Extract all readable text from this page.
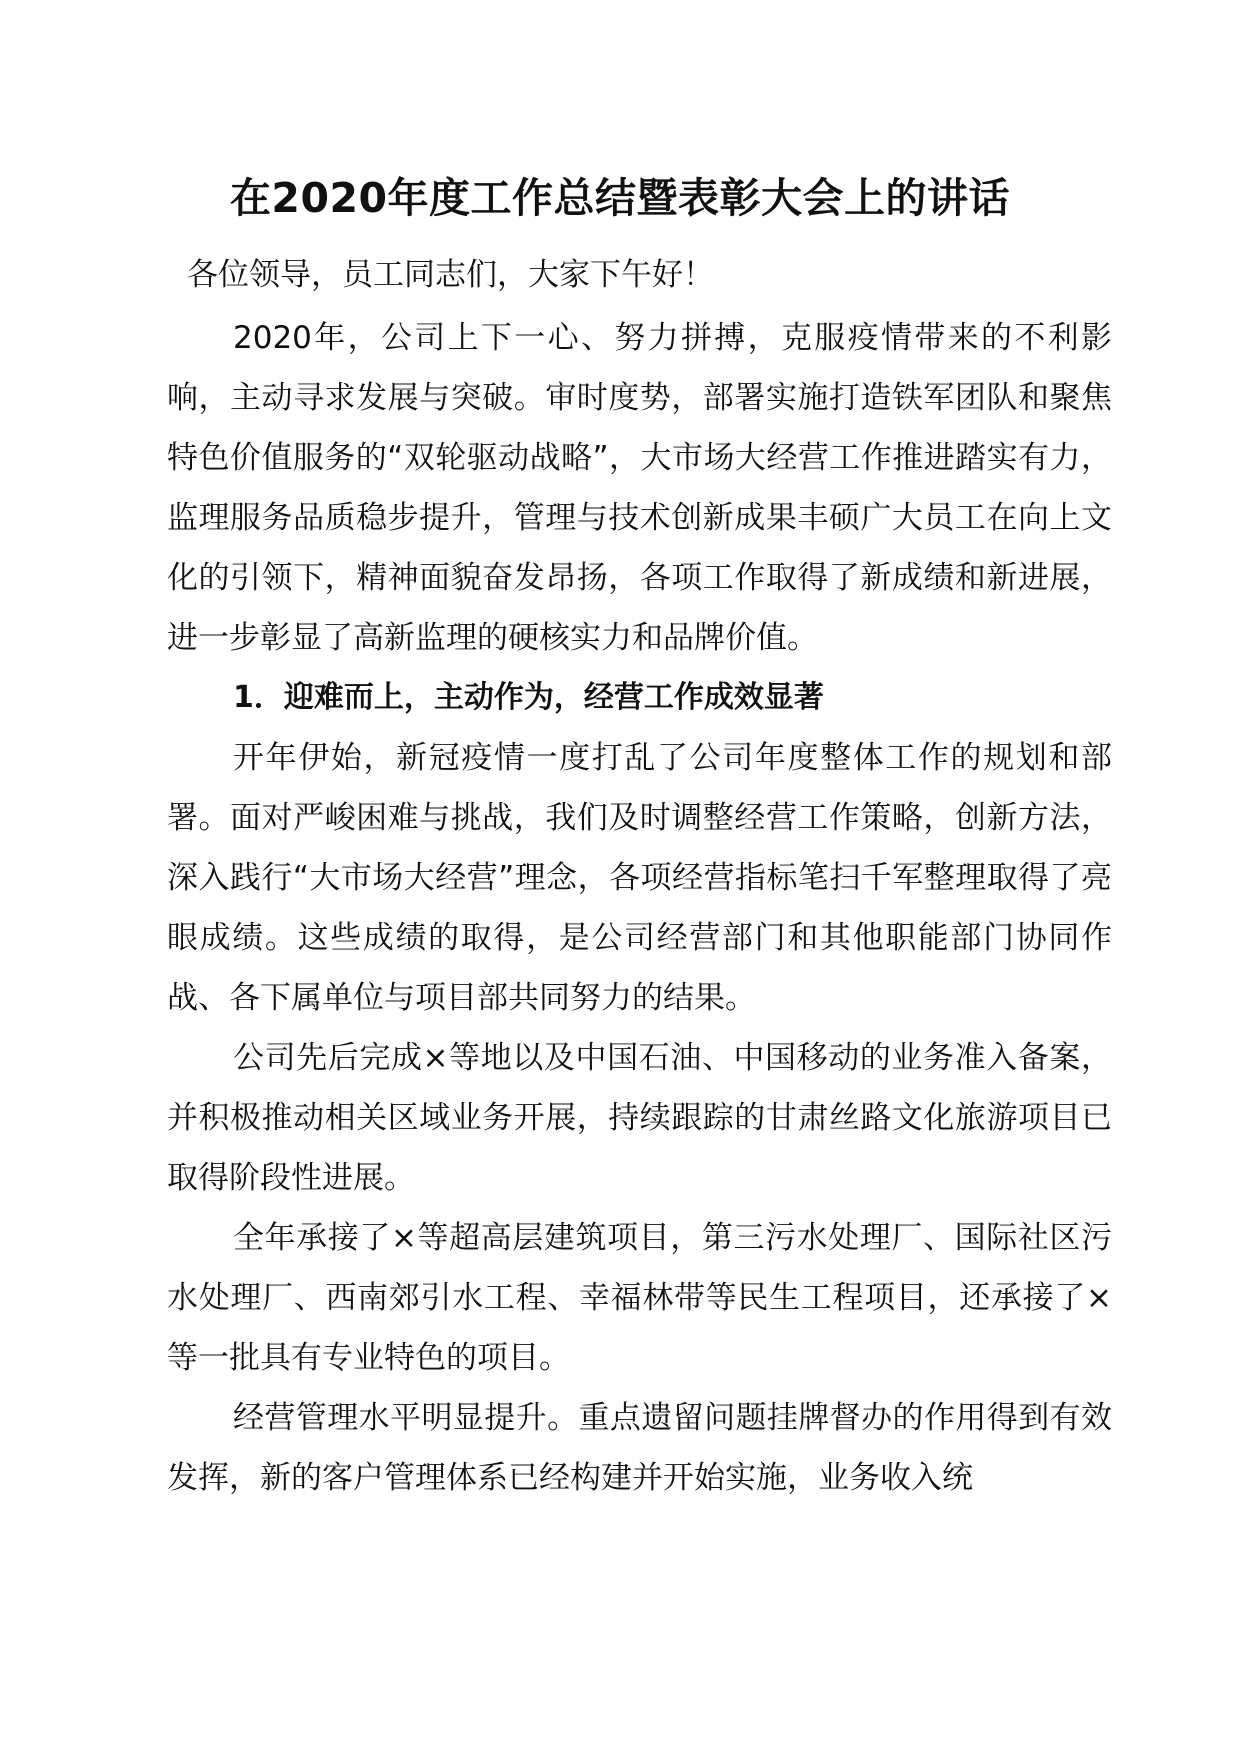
在2020年度工作总结暨表彰大会上的讲话

各位领导，员工同志们，大家下午好！

2020年，公司上下一心、努力拼搏，克服疫情带来的不利影响，主动寻求发展与突破。审时度势，部署实施打造铁军团队和聚焦特色价值服务的“双轮驱动战略”，大市场大经营工作推进踏实有力，监理服务品质稳步提升，管理与技术创新成果丰硕广大员工在向上文化的引领下，精神面貌奋发昂扬，各项工作取得了新成绩和新进展，进一步彰显了高新监理的硬核实力和品牌价值。

1．迎难而上，主动作为，经营工作成效显著

开年伊始，新冠疫情一度打乱了公司年度整体工作的规划和部署。面对严峻困难与挑战，我们及时调整经营工作策略，创新方法，深入践行“大市场大经营”理念，各项经营指标笔扫千军整理取得了亮眼成绩。这些成绩的取得，是公司经营部门和其他职能部门协同作战、各下属单位与项目部共同努力的结果。

公司先后完成×等地以及中国石油、中国移动的业务准入备案，并积极推动相关区域业务开展，持续跟踪的甘肃丝路文化旅游项目已取得阶段性进展。

全年承接了×等超高层建筑项目，第三污水处理厂、国际社区污水处理厂、西南郊引水工程、幸福林带等民生工程项目，还承接了×等一批具有专业特色的项目。

经营管理水平明显提升。重点遗留问题挂牌督办的作用得到有效发挥，新的客户管理体系已经构建并开始实施，业务收入统
